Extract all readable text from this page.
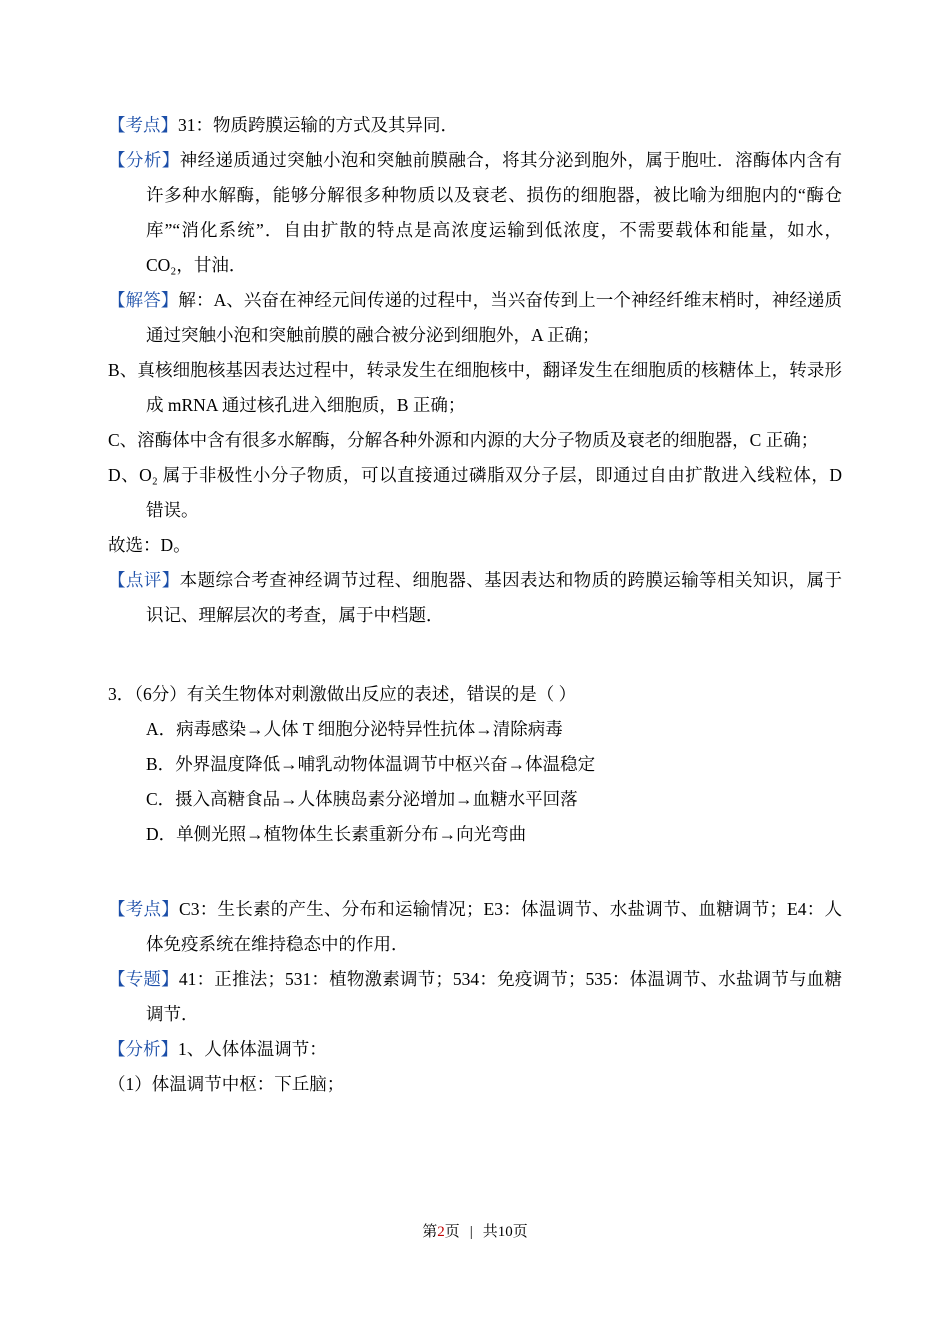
【考点】31：物质跨膜运输的方式及其异同．
【分析】神经递质通过突触小泡和突触前膜融合，将其分泌到胞外，属于胞吐．溶酶体内含有许多种水解酶，能够分解很多种物质以及衰老、损伤的细胞器，被比喻为细胞内的“酶仓库”“消化系统”．自由扩散的特点是高浓度运输到低浓度，不需要载体和能量，如水，CO₂，甘油．
【解答】解：A、兴奋在神经元间传递的过程中，当兴奋传到上一个神经纤维末梢时，神经递质通过突触小泡和突触前膜的融合被分泌到细胞外，A 正确；
B、真核细胞核基因表达过程中，转录发生在细胞核中，翻译发生在细胞质的核糖体上，转录形成 mRNA 通过核孔进入细胞质，B 正确；
C、溶酶体中含有很多水解酶，分解各种外源和内源的大分子物质及衰老的细胞器，C 正确；
D、O₂ 属于非极性小分子物质，可以直接通过磷脂双分子层，即通过自由扩散进入线粒体，D 错误。
故选：D。
【点评】本题综合考查神经调节过程、细胞器、基因表达和物质的跨膜运输等相关知识，属于识记、理解层次的考查，属于中档题．
3．（6分）有关生物体对刺激做出反应的表述，错误的是（ ）
A．病毒感染→人体 T 细胞分泌特异性抗体→清除病毒
B．外界温度降低→哺乳动物体温调节中枢兴奋→体温稳定
C．摄入高糖食品→人体胰岛素分泌增加→血糖水平回落
D．单侧光照→植物体生长素重新分布→向光弯曲
【考点】C3：生长素的产生、分布和运输情况；E3：体温调节、水盐调节、血糖调节；E4：人体免疫系统在维持稳态中的作用．
【专题】41：正推法；531：植物激素调节；534：免疫调节；535：体温调节、水盐调节与血糖调节．
【分析】1、人体体温调节：
（1）体温调节中枢：下丘脑；
第2页 | 共10页
